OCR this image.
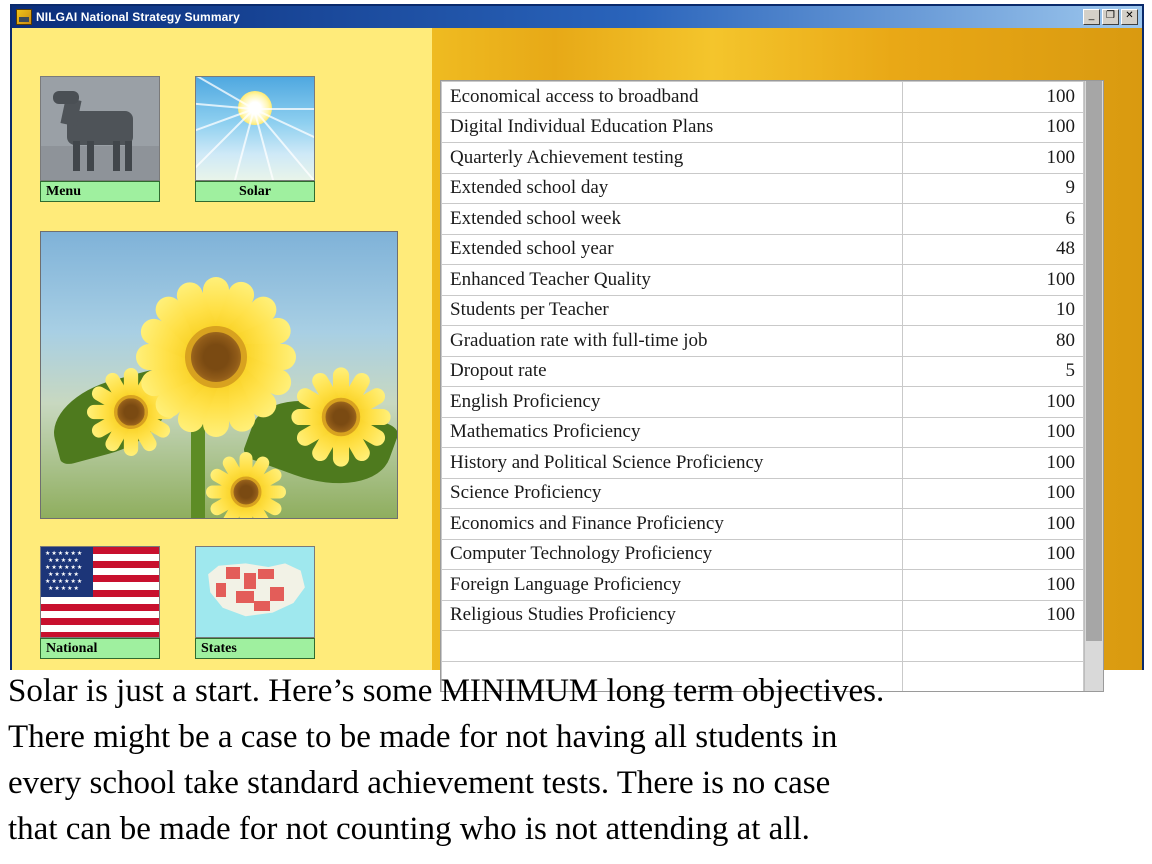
NILGAI National Strategy Summary	_	❐	✕
Menu	Solar
★★★★★★
★★★★★
★★★★★★
★★★★★
★★★★★★
★★★★★
National	States
Economical access to broadband	100
Digital Individual Education Plans	100
Quarterly Achievement testing	100
Extended school day	9
Extended school week	6
Extended school year	48
Enhanced Teacher Quality	100
Students per Teacher	10
Graduation rate with full-time job	80
Dropout rate	5
English Proficiency	100
Mathematics Proficiency	100
History and Political Science Proficiency	100
Science Proficiency	100
Economics and Finance Proficiency	100
Computer Technology Proficiency	100
Foreign Language Proficiency	100
Religious Studies Proficiency	100

Solar is just a start. Here’s some MINIMUM long term objectives.
There might be a case to be made for not having all students in
every school take standard achievement tests. There is no case
that can be made for not counting who is not attending at all.
